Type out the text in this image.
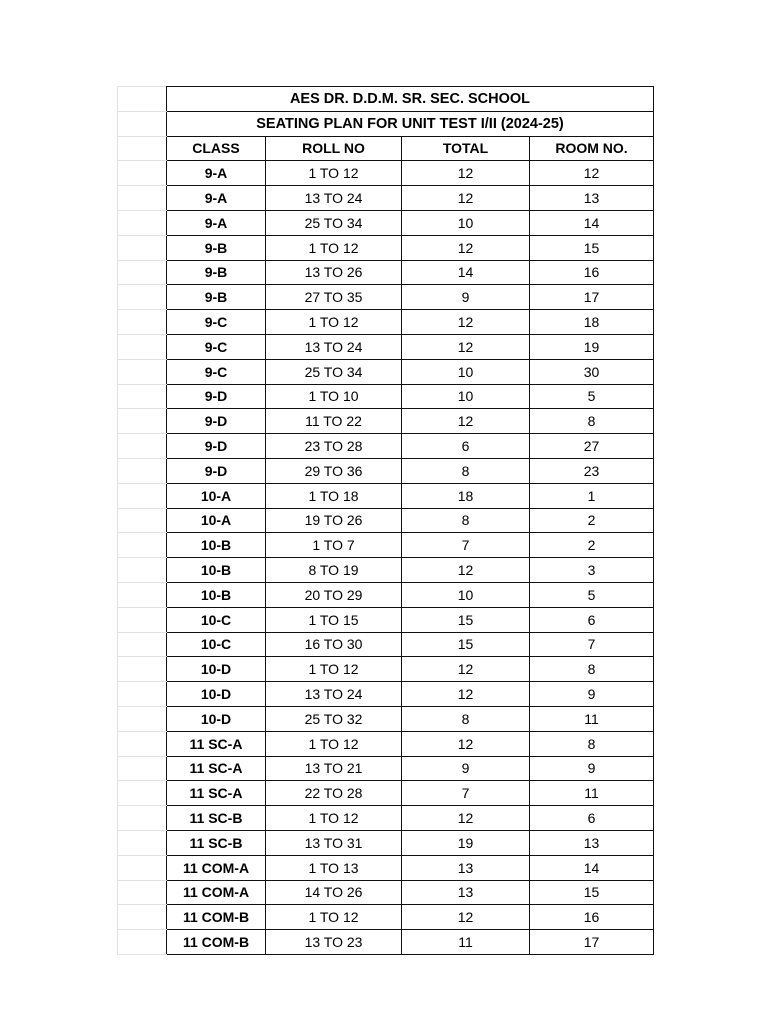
	AES DR. D.D.M. SR. SEC. SCHOOL			
	SEATING PLAN FOR UNIT TEST I/II (2024-25)			
	CLASS	ROLL NO	TOTAL	ROOM NO.
	9-A	1 TO 12	12	12
	9-A	13 TO 24	12	13
	9-A	25 TO 34	10	14
	9-B	1 TO 12	12	15
	9-B	13 TO 26	14	16
	9-B	27 TO 35	9	17
	9-C	1 TO 12	12	18
	9-C	13 TO 24	12	19
	9-C	25 TO 34	10	30
	9-D	1 TO 10	10	5
	9-D	11 TO 22	12	8
	9-D	23 TO 28	6	27
	9-D	29 TO 36	8	23
	10-A	1 TO 18	18	1
	10-A	19 TO 26	8	2
	10-B	1 TO 7	7	2
	10-B	8 TO 19	12	3
	10-B	20 TO 29	10	5
	10-C	1 TO 15	15	6
	10-C	16 TO 30	15	7
	10-D	1 TO 12	12	8
	10-D	13 TO 24	12	9
	10-D	25 TO 32	8	11
	11 SC-A	1 TO 12	12	8
	11 SC-A	13 TO 21	9	9
	11 SC-A	22 TO 28	7	11
	11 SC-B	1 TO 12	12	6
	11 SC-B	13 TO 31	19	13
	11 COM-A	1 TO 13	13	14
	11 COM-A	14 TO 26	13	15
	11 COM-B	1 TO 12	12	16
	11 COM-B	13 TO 23	11	17
